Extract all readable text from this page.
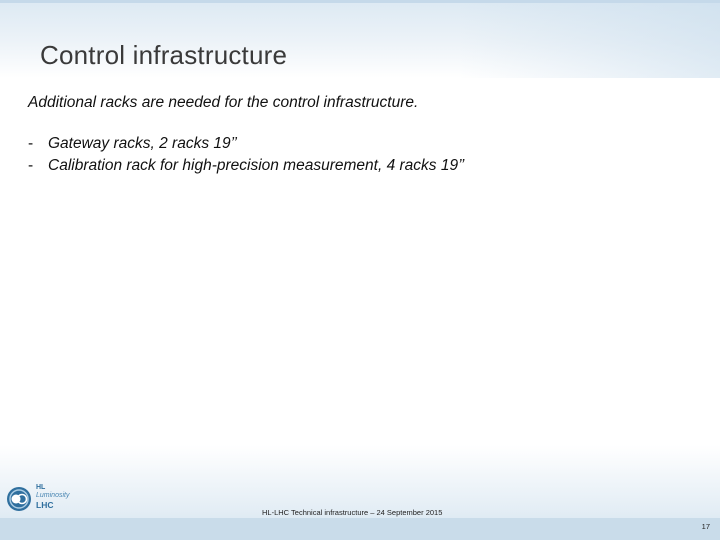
Control infrastructure
Additional racks are needed for the control infrastructure.
- Gateway racks, 2 racks 19’’
- Calibration rack for high-precision measurement, 4 racks 19’’
HL
Luminosity
LHC
HL-LHC Technical infrastructure – 24 September 2015
17
